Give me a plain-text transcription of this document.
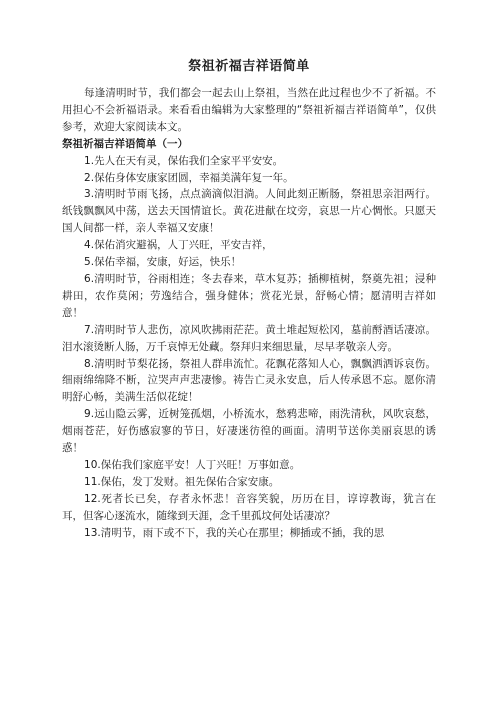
祭祖祈福吉祥语简单

每逢清明时节，我们都会一起去山上祭祖，当然在此过程也少不了祈福。不用担心不会祈福语录。来看看由编辑为大家整理的“祭祖祈福吉祥语简单”，仅供参考，欢迎大家阅读本文。

祭祖祈福吉祥语简单（一）

1.先人在天有灵，保佑我们全家平平安安。

2.保佑身体安康家团圆，幸福美满年复一年。

3.清明时节雨飞扬，点点滴滴似泪淌。人间此刻正断肠，祭祖思亲泪两行。纸钱飘飘风中荡，送去天国情谊长。黄花进献在坟旁，哀思一片心惆怅。只愿天国人间都一样，亲人幸福又安康！

4.保佑消灾避祸，人丁兴旺，平安吉祥，

5.保佑幸福，安康，好运，快乐！

6.清明时节，谷雨相连；冬去春来，草木复苏；插柳植树，祭奠先祖；浸种耕田，农作莫闲；劳逸结合，强身健体；赏花光景，舒畅心情；愿清明吉祥如意！

7.清明时节人悲伤，凉风吹拂雨茫茫。黄土堆起短松冈，墓前酹酒话凄凉。泪水滚烫断人肠，万千哀悼无处藏。祭拜归来细思量，尽早孝敬亲人旁。

8.清明时节梨花扬，祭祖人群串流忙。花飘花落知人心，飘飘洒洒诉哀伤。细雨绵绵降不断，泣哭声声悲凄惨。祷告亡灵永安息，后人传承恩不忘。愿你清明舒心畅，美满生活似花绽！

9.远山隐云雾，近树笼孤烟，小桥流水，愁鸦悲啼，雨洗清秋，风吹哀愁，烟雨苍茫，好伤感寂寥的节日，好凄迷彷徨的画面。清明节送你美丽哀思的诱惑！

10.保佑我们家庭平安！人丁兴旺！万事如意。

11.保佑，发丁发财。祖先保佑合家安康。

12.死者长已矣，存者永怀悲！音容笑貌，历历在目，谆谆教诲，犹言在耳，但客心逐流水，随缘到天涯，念千里孤坟何处话凄凉？

13.清明节，雨下或不下，我的关心在那里；柳插或不插，我的思
